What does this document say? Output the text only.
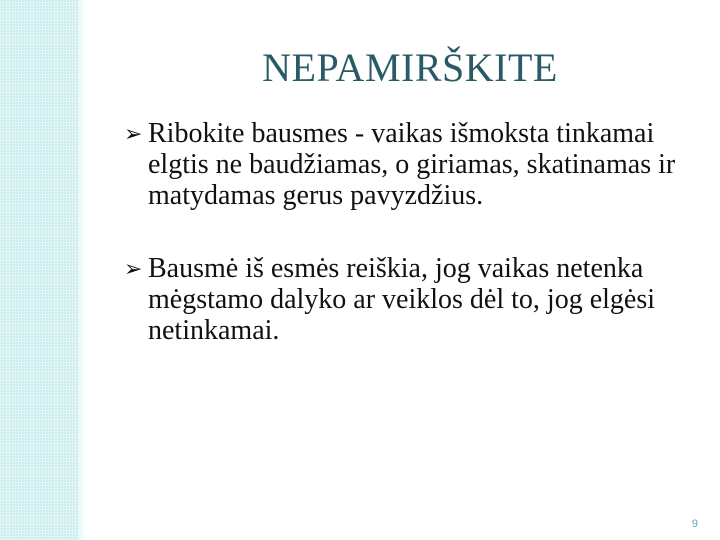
NEPAMIRŠKITE
➢ Ribokite bausmes - vaikas išmoksta tinkamai elgtis ne baudžiamas, o giriamas, skatinamas ir matydamas gerus pavyzdžius.
➢ Bausmė iš esmės reiškia, jog vaikas netenka mėgstamo dalyko ar veiklos dėl to, jog elgėsi netinkamai.
9
